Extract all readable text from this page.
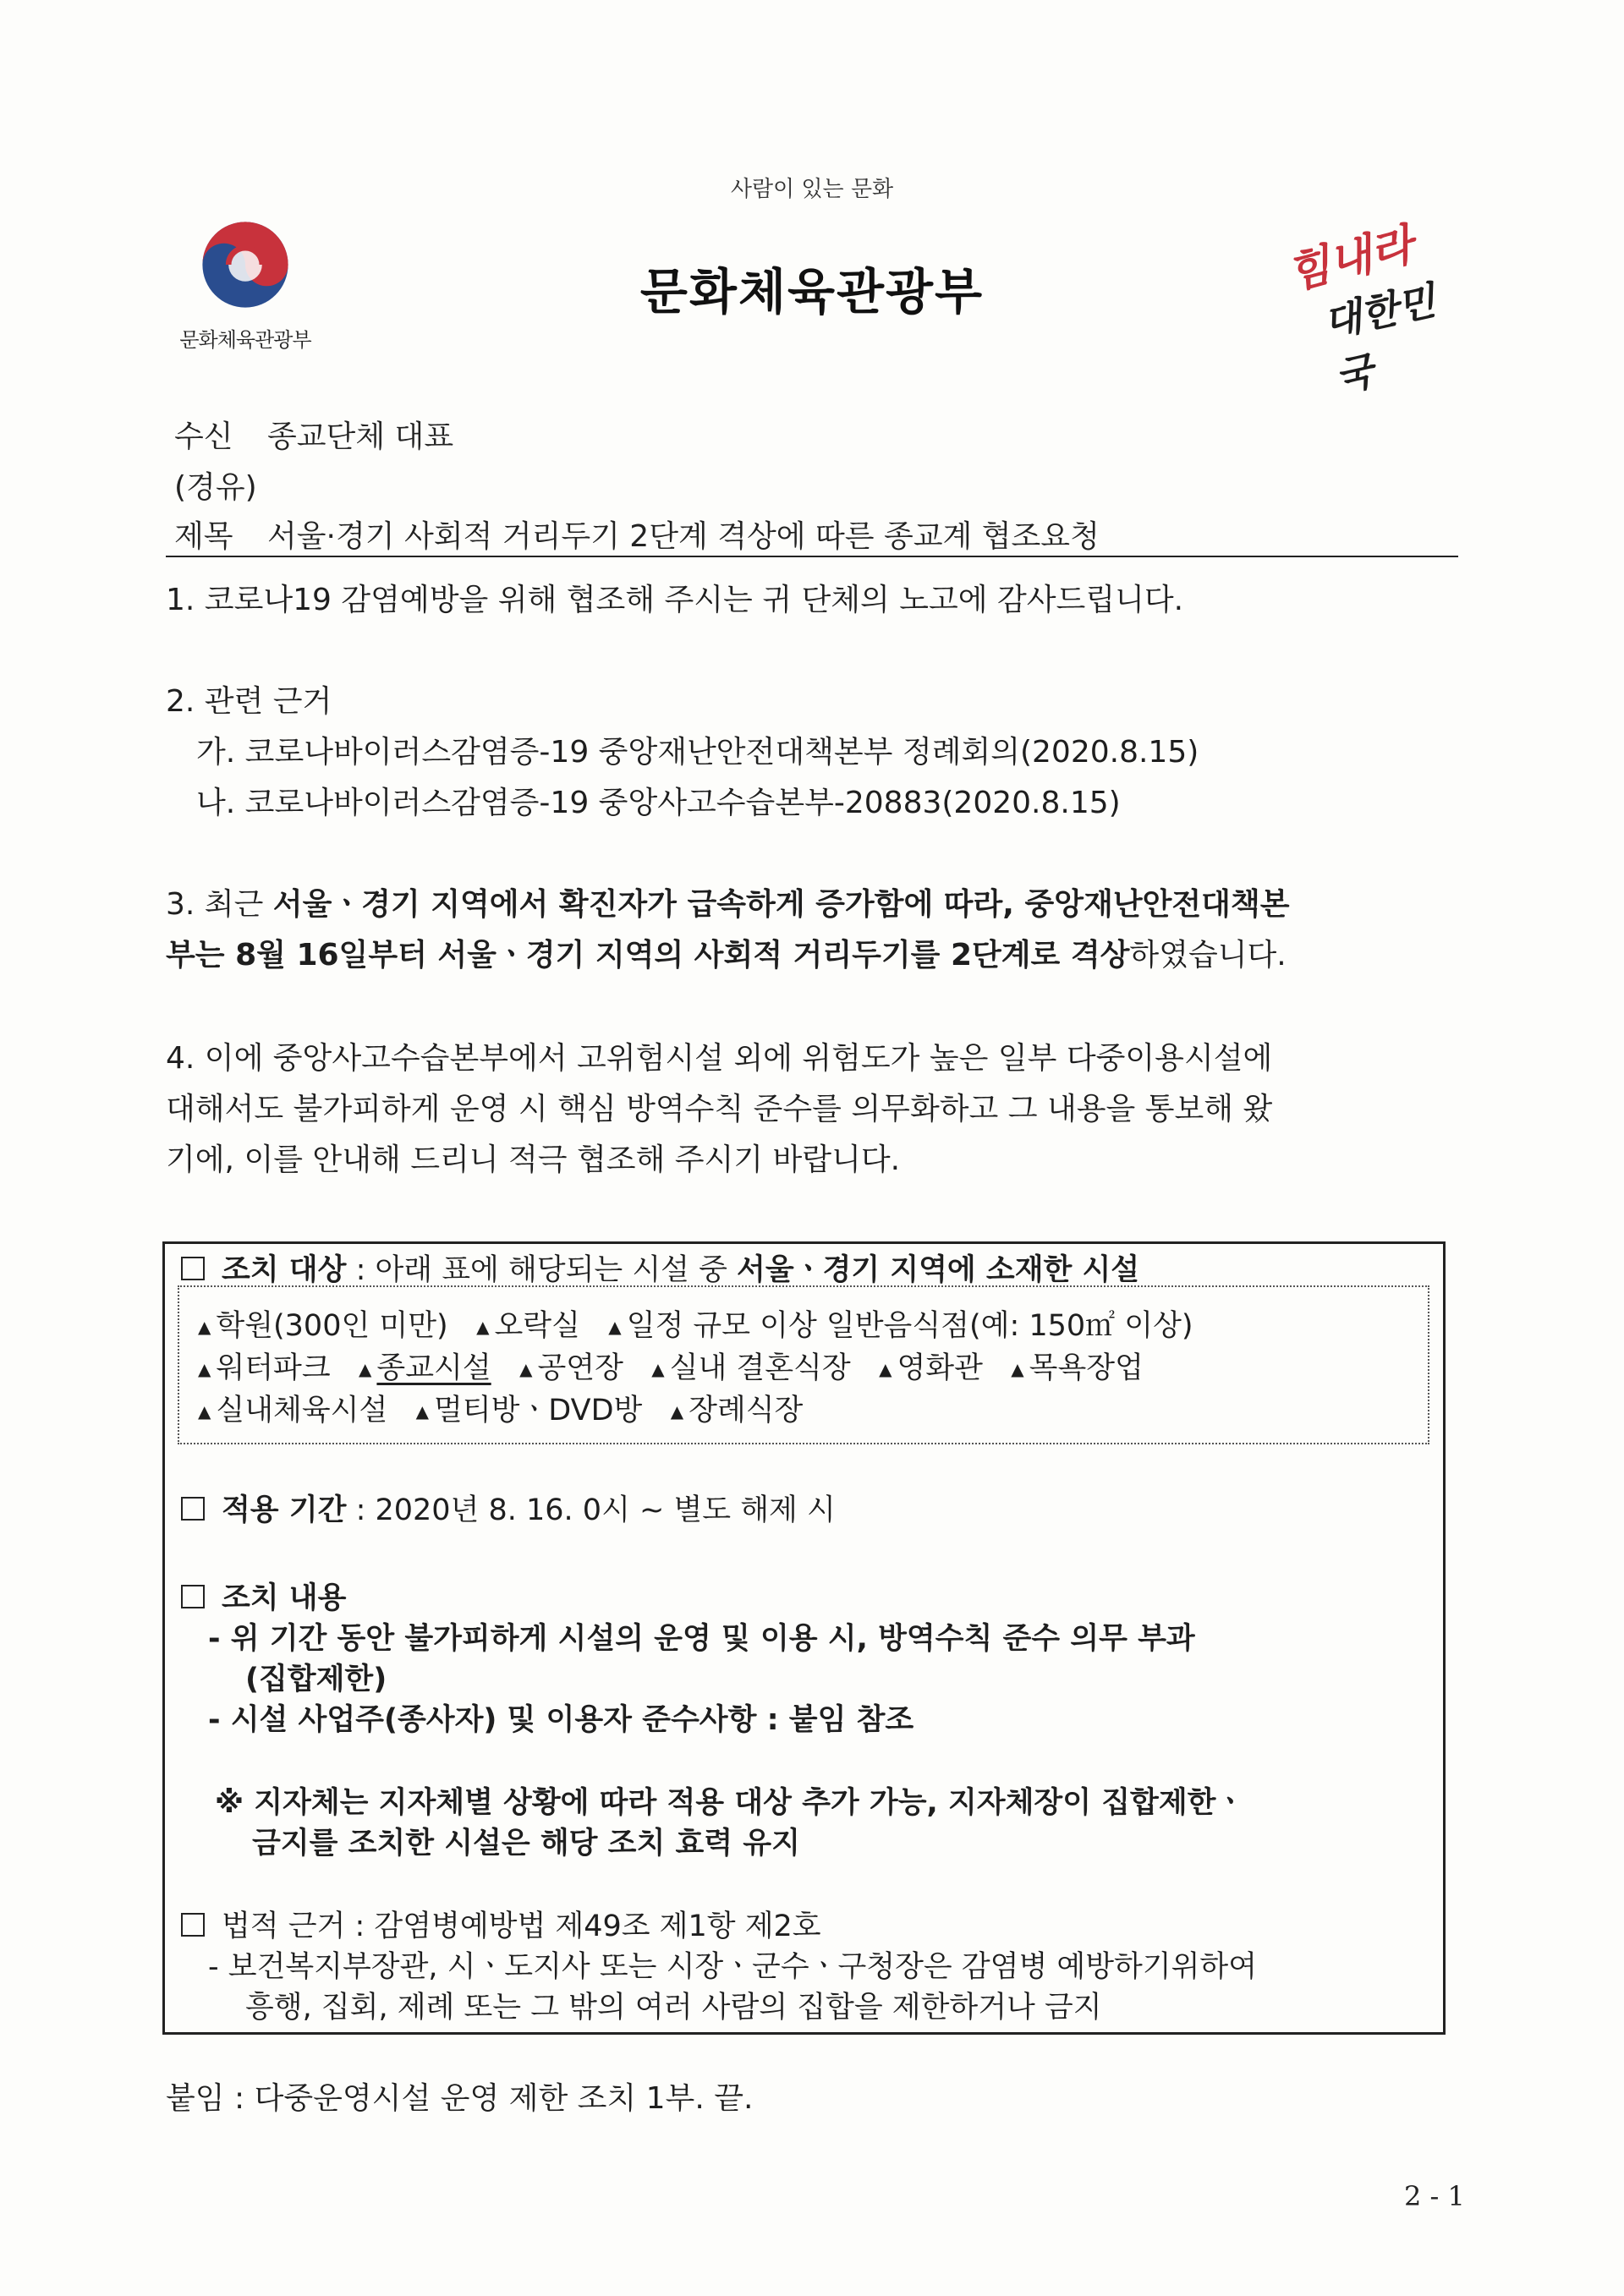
사람이 있는 문화
문화체육관광부
문화체육관광부	힘내라
대한민국
수신 종교단체 대표
(경유)
제목 서울·경기 사회적 거리두기 2단계 격상에 따른 종교계 협조요청
1. 코로나19 감염예방을 위해 협조해 주시는 귀 단체의 노고에 감사드립니다.
2. 관련 근거
가. 코로나바이러스감염증-19 중앙재난안전대책본부 정례회의(2020.8.15)
나. 코로나바이러스감염증-19 중앙사고수습본부-20883(2020.8.15)
3. 최근 서울ㆍ경기 지역에서 확진자가 급속하게 증가함에 따라, 중앙재난안전대책본
부는 8월 16일부터 서울ㆍ경기 지역의 사회적 거리두기를 2단계로 격상하였습니다.
4. 이에 중앙사고수습본부에서 고위험시설 외에 위험도가 높은 일부 다중이용시설에
대해서도 불가피하게 운영 시 핵심 방역수칙 준수를 의무화하고 그 내용을 통보해 왔
기에, 이를 안내해 드리니 적극 협조해 주시기 바랍니다.
조치 대상 : 아래 표에 해당되는 시설 중 서울ㆍ경기 지역에 소재한 시설
▲ 학원(300인 미만) ▲ 오락실 ▲ 일정 규모 이상 일반음식점(예: 150㎡ 이상)
▲ 워터파크 ▲ 종교시설 ▲ 공연장 ▲ 실내 결혼식장 ▲ 영화관 ▲ 목욕장업
▲ 실내체육시설 ▲ 멀티방ㆍDVD방 ▲ 장례식장
적용 기간 : 2020년 8. 16. 0시 ~ 별도 해제 시
조치 내용
- 위 기간 동안 불가피하게 시설의 운영 및 이용 시, 방역수칙 준수 의무 부과
(집합제한)
- 시설 사업주(종사자) 및 이용자 준수사항 : 붙임 참조
※ 지자체는 지자체별 상황에 따라 적용 대상 추가 가능, 지자체장이 집합제한ㆍ
금지를 조치한 시설은 해당 조치 효력 유지
법적 근거 : 감염병예방법 제49조 제1항 제2호
- 보건복지부장관, 시ㆍ도지사 또는 시장ㆍ군수ㆍ구청장은 감염병 예방하기위하여
흥행, 집회, 제례 또는 그 밖의 여러 사람의 집합을 제한하거나 금지
붙임 : 다중운영시설 운영 제한 조치 1부. 끝.
2 - 1
